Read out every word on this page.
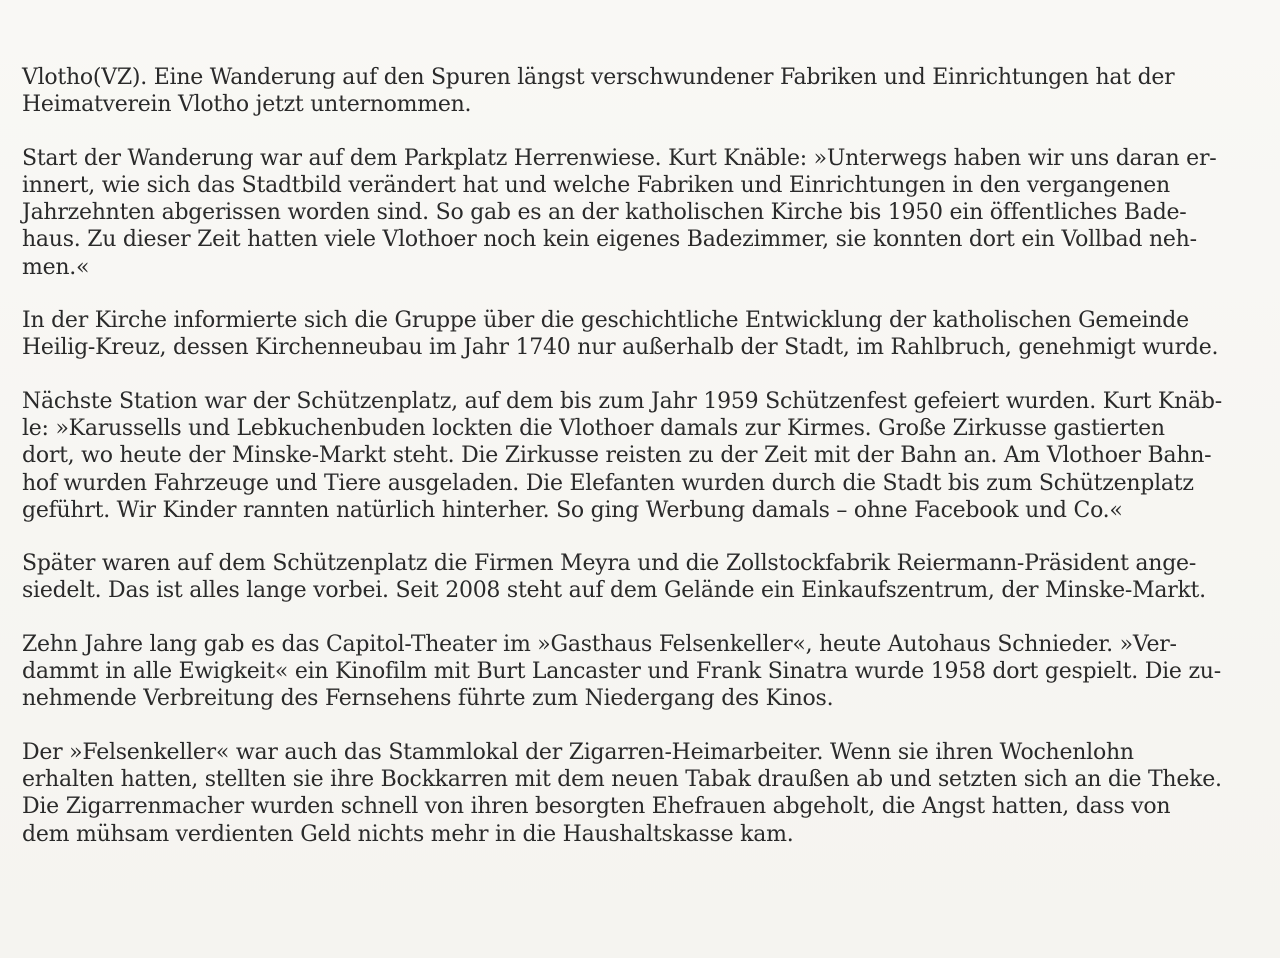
Vlotho(VZ). Eine Wanderung auf den Spuren längst verschwundener Fabriken und Einrichtungen hat der
Heimatverein Vlotho jetzt unternommen.

Start der Wanderung war auf dem Parkplatz Herrenwiese. Kurt Knäble: »Unterwegs haben wir uns daran er-
innert, wie sich das Stadtbild verändert hat und welche Fabriken und Einrichtungen in den vergangenen
Jahrzehnten abgerissen worden sind. So gab es an der katholischen Kirche bis 1950 ein öffentliches Bade-
haus. Zu dieser Zeit hatten viele Vlothoer noch kein eigenes Badezimmer, sie konnten dort ein Vollbad neh-
men.«

In der Kirche informierte sich die Gruppe über die geschichtliche Entwicklung der katholischen Gemeinde
Heilig-Kreuz, dessen Kirchenneubau im Jahr 1740 nur außerhalb der Stadt, im Rahlbruch, genehmigt wurde.

Nächste Station war der Schützenplatz, auf dem bis zum Jahr 1959 Schützenfest gefeiert wurden. Kurt Knäb-
le: »Karussells und Lebkuchenbuden lockten die Vlothoer damals zur Kirmes. Große Zirkusse gastierten
dort, wo heute der Minske-Markt steht. Die Zirkusse reisten zu der Zeit mit der Bahn an. Am Vlothoer Bahn-
hof wurden Fahrzeuge und Tiere ausgeladen. Die Elefanten wurden durch die Stadt bis zum Schützenplatz
geführt. Wir Kinder rannten natürlich hinterher. So ging Werbung damals – ohne Facebook und Co.«

Später waren auf dem Schützenplatz die Firmen Meyra und die Zollstockfabrik Reiermann-Präsident ange-
siedelt. Das ist alles lange vorbei. Seit 2008 steht auf dem Gelände ein Einkaufszentrum, der Minske-Markt.

Zehn Jahre lang gab es das Capitol-Theater im »Gasthaus Felsenkeller«, heute Autohaus Schnieder. »Ver-
dammt in alle Ewigkeit« ein Kinofilm mit Burt Lancaster und Frank Sinatra wurde 1958 dort gespielt. Die zu-
nehmende Verbreitung des Fernsehens führte zum Niedergang des Kinos.

Der »Felsenkeller« war auch das Stammlokal der Zigarren-Heimarbeiter. Wenn sie ihren Wochenlohn
erhalten hatten, stellten sie ihre Bockkarren mit dem neuen Tabak draußen ab und setzten sich an die Theke.
Die Zigarrenmacher wurden schnell von ihren besorgten Ehefrauen abgeholt, die Angst hatten, dass von
dem mühsam verdienten Geld nichts mehr in die Haushaltskasse kam.
